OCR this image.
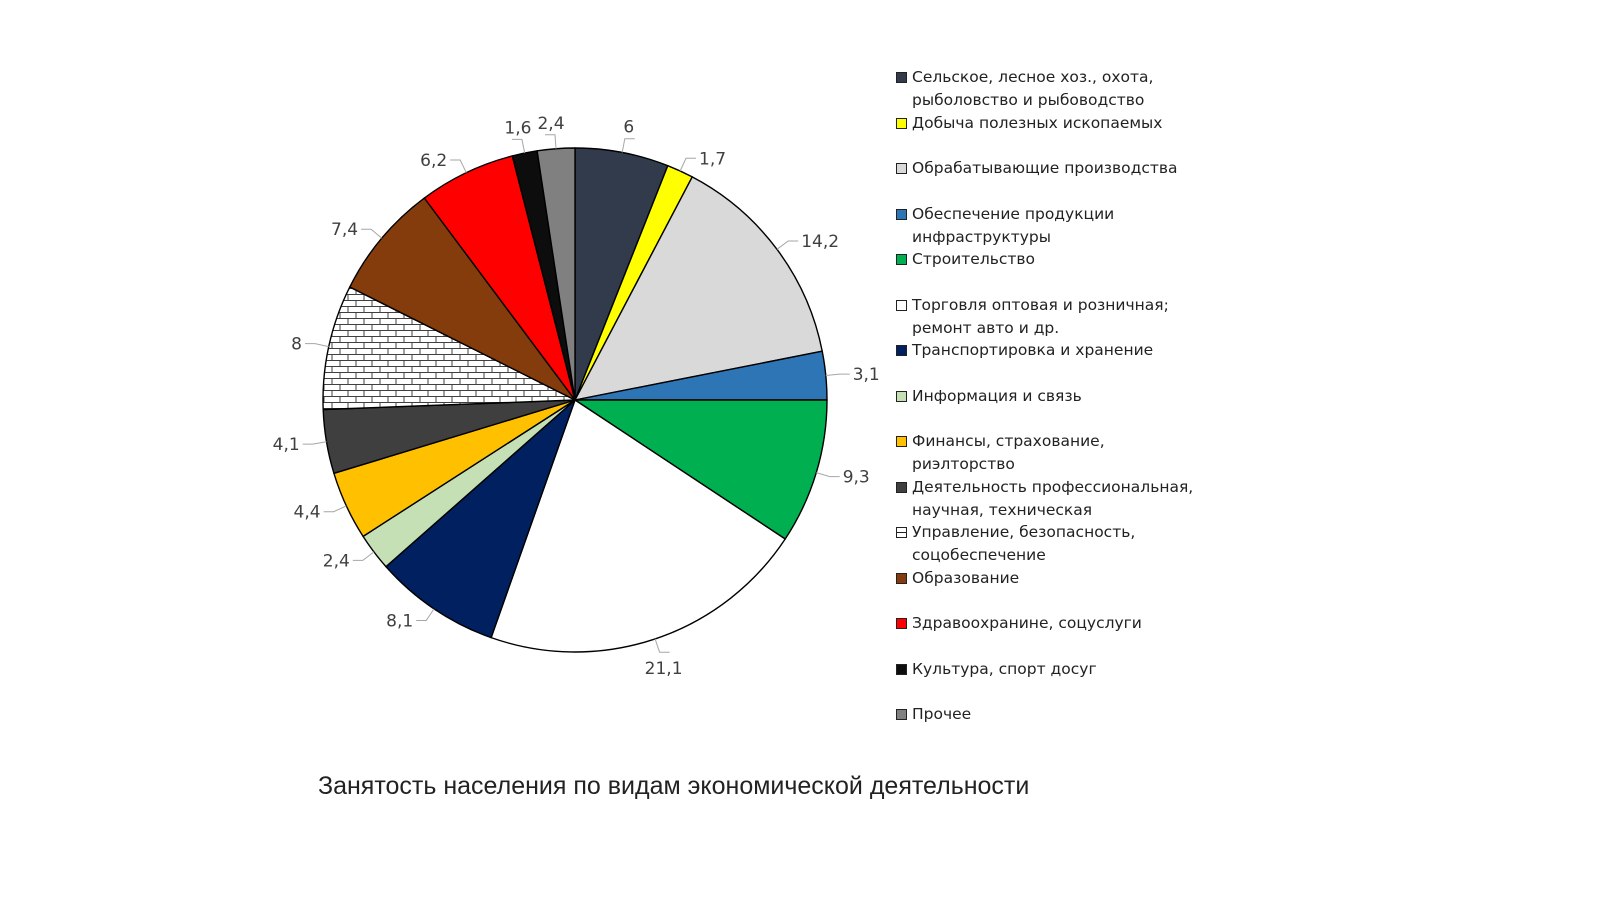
6
1,7
14,2
3,1
9,3
21,1
8,1
2,4
4,4
4,1
8
7,4
6,2
1,6 2,4
Сельское, лесное хоз., охота,
рыболовство и рыбоводство
Добыча полезных ископаемых
Обрабатывающие производства
Обеспечение продукции
инфраструктуры
Строительство
Торговля оптовая и розничная;
ремонт авто и др.
Транспортировка и хранение
Информация и связь
Финансы, страхование,
риэлторство
Деятельность профессиональная,
научная, техническая
Управление, безопасность,
соцобеспечение
Образование
Здравоохранине, соцуслуги
Культура, спорт досуг
Прочее
Занятость населения по видам экономической деятельности
